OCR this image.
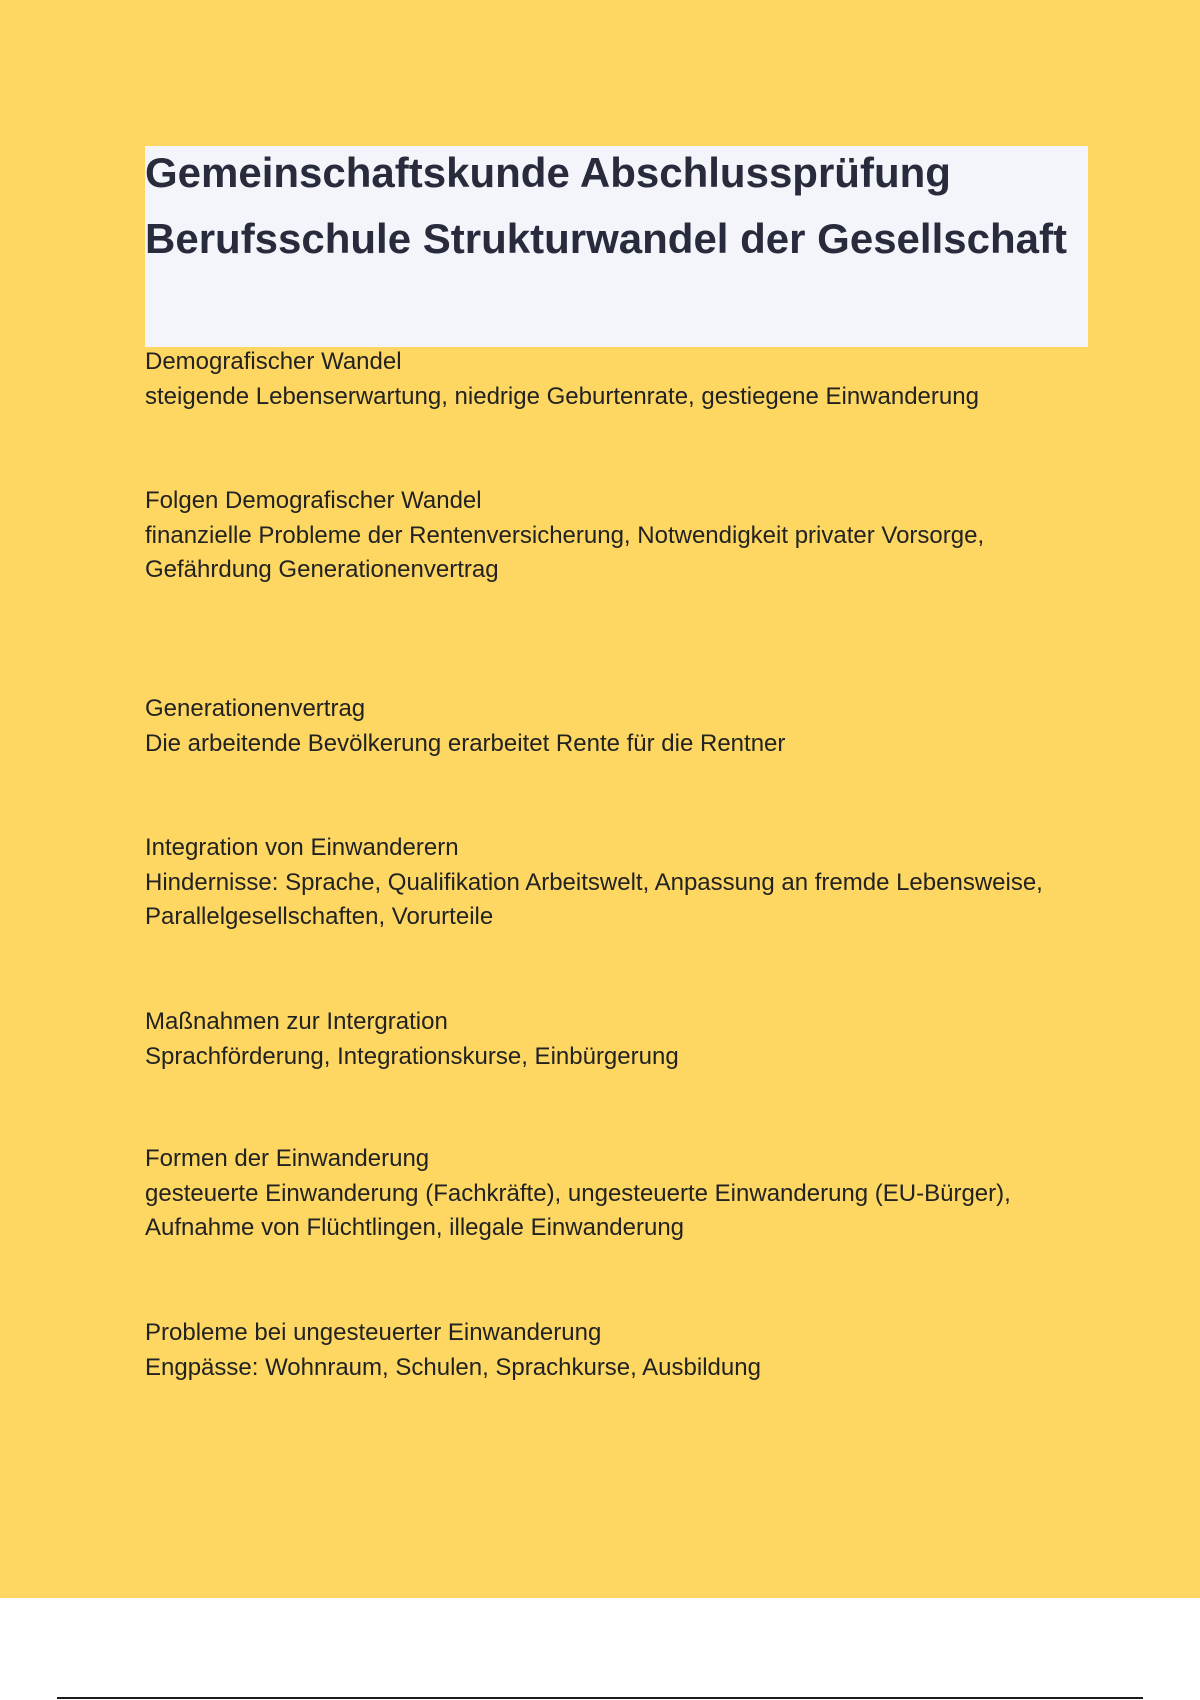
Gemeinschaftskunde Abschlussprüfung Berufsschule Strukturwandel der Gesellschaft
Demografischer Wandel
steigende Lebenserwartung, niedrige Geburtenrate, gestiegene Einwanderung
Folgen Demografischer Wandel
finanzielle Probleme der Rentenversicherung, Notwendigkeit privater Vorsorge, Gefährdung Generationenvertrag
Generationenvertrag
Die arbeitende Bevölkerung erarbeitet Rente für die Rentner
Integration von Einwanderern
Hindernisse: Sprache, Qualifikation Arbeitswelt, Anpassung an fremde Lebensweise, Parallelgesellschaften, Vorurteile
Maßnahmen zur Intergration
Sprachförderung, Integrationskurse, Einbürgerung
Formen der Einwanderung
gesteuerte Einwanderung (Fachkräfte), ungesteuerte Einwanderung (EU-Bürger), Aufnahme von Flüchtlingen, illegale Einwanderung
Probleme bei ungesteuerter Einwanderung
Engpässe: Wohnraum, Schulen, Sprachkurse, Ausbildung
